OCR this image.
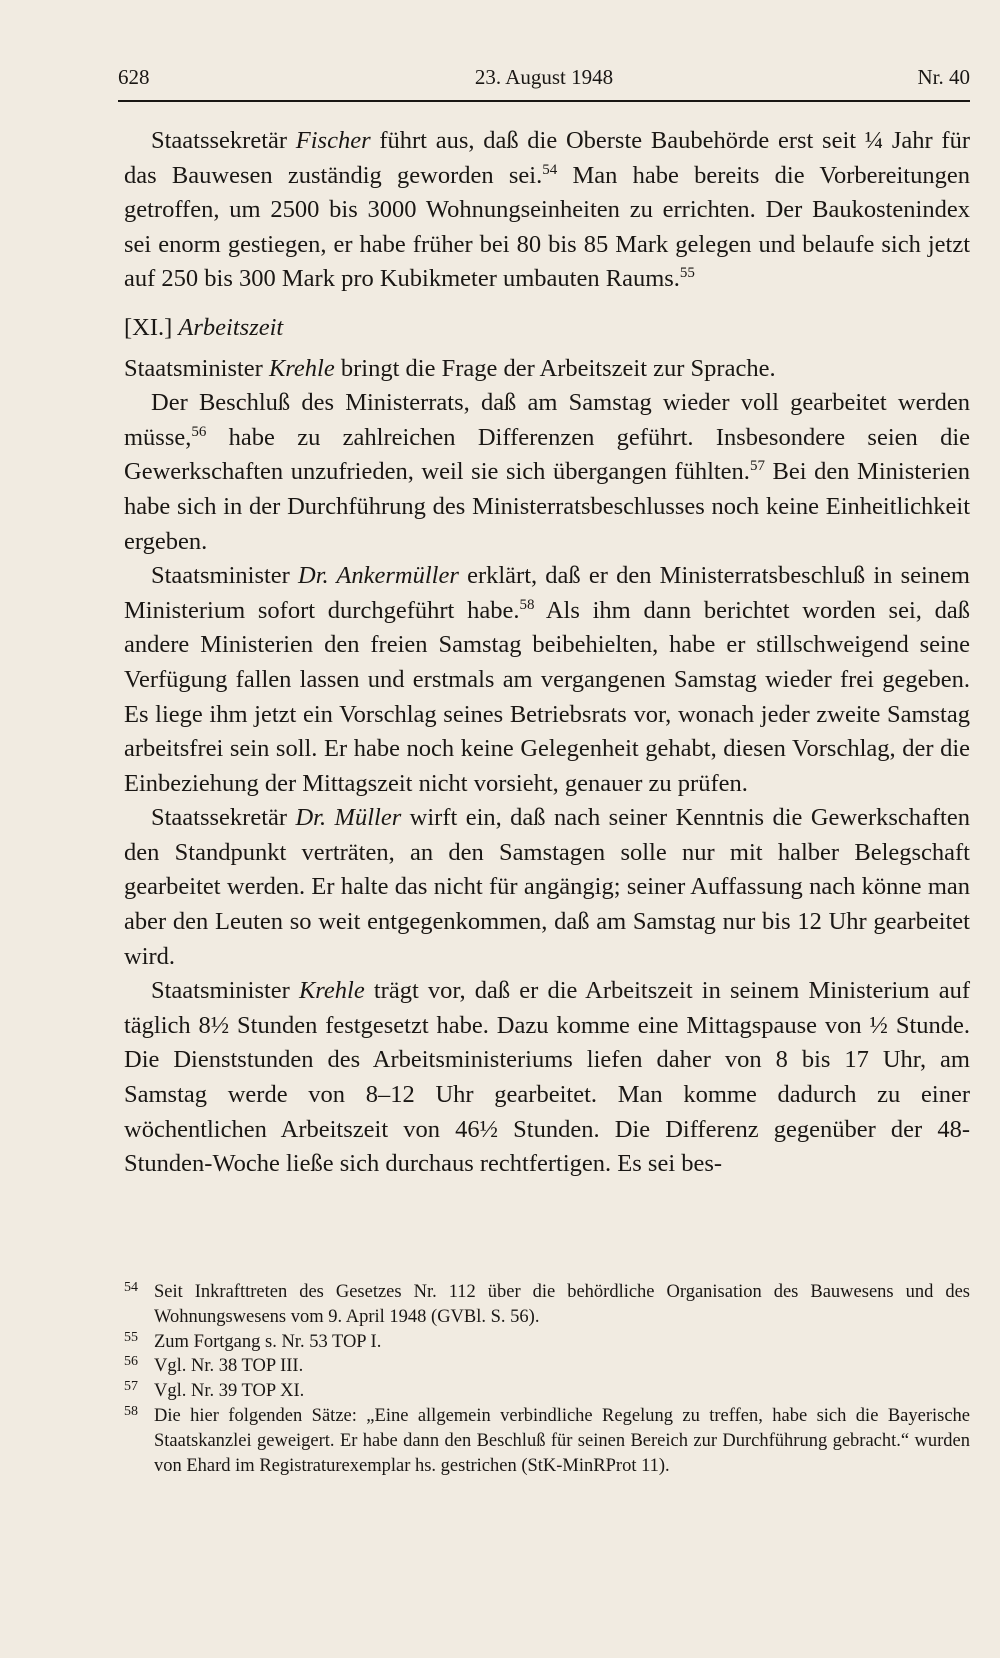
628	23. August 1948	Nr. 40

Staatssekretär Fischer führt aus, daß die Oberste Baubehörde erst seit ¼ Jahr für das Bauwesen zuständig geworden sei.$^{54}$ Man habe bereits die Vorbereitungen getroffen, um 2500 bis 3000 Wohnungseinheiten zu errichten. Der Baukostenindex sei enorm gestiegen, er habe früher bei 80 bis 85 Mark gelegen und belaufe sich jetzt auf 250 bis 300 Mark pro Kubikmeter umbauten Raums.$^{55}$

[XI.] Arbeitszeit

Staatsminister Krehle bringt die Frage der Arbeitszeit zur Sprache.

Der Beschluß des Ministerrats, daß am Samstag wieder voll gearbeitet werden müsse,$^{56}$ habe zu zahlreichen Differenzen geführt. Insbesondere seien die Gewerkschaften unzufrieden, weil sie sich übergangen fühlten.$^{57}$ Bei den Ministerien habe sich in der Durchführung des Ministerratsbeschlusses noch keine Einheitlichkeit ergeben.

Staatsminister Dr. Ankermüller erklärt, daß er den Ministerratsbeschluß in seinem Ministerium sofort durchgeführt habe.$^{58}$ Als ihm dann berichtet worden sei, daß andere Ministerien den freien Samstag beibehielten, habe er stillschweigend seine Verfügung fallen lassen und erstmals am vergangenen Samstag wieder frei gegeben. Es liege ihm jetzt ein Vorschlag seines Betriebsrats vor, wonach jeder zweite Samstag arbeitsfrei sein soll. Er habe noch keine Gelegenheit gehabt, diesen Vorschlag, der die Einbeziehung der Mittagszeit nicht vorsieht, genauer zu prüfen.

Staatssekretär Dr. Müller wirft ein, daß nach seiner Kenntnis die Gewerkschaften den Standpunkt verträten, an den Samstagen solle nur mit halber Belegschaft gearbeitet werden. Er halte das nicht für angängig; seiner Auffassung nach könne man aber den Leuten so weit entgegenkommen, daß am Samstag nur bis 12 Uhr gearbeitet wird.

Staatsminister Krehle trägt vor, daß er die Arbeitszeit in seinem Ministerium auf täglich 8½ Stunden festgesetzt habe. Dazu komme eine Mittagspause von ½ Stunde. Die Dienststunden des Arbeitsministeriums liefen daher von 8 bis 17 Uhr, am Samstag werde von 8–12 Uhr gearbeitet. Man komme dadurch zu einer wöchentlichen Arbeitszeit von 46½ Stunden. Die Differenz gegenüber der 48-Stunden-Woche ließe sich durchaus rechtfertigen. Es sei bes-

54 Seit Inkrafttreten des Gesetzes Nr. 112 über die behördliche Organisation des Bauwesens und des Wohnungswesens vom 9. April 1948 (GVBl. S. 56).
55 Zum Fortgang s. Nr. 53 TOP I.
56 Vgl. Nr. 38 TOP III.
57 Vgl. Nr. 39 TOP XI.
58 Die hier folgenden Sätze: „Eine allgemein verbindliche Regelung zu treffen, habe sich die Bayerische Staatskanzlei geweigert. Er habe dann den Beschluß für seinen Bereich zur Durchführung gebracht.“ wurden von Ehard im Registraturexemplar hs. gestrichen (StK-MinRProt 11).
